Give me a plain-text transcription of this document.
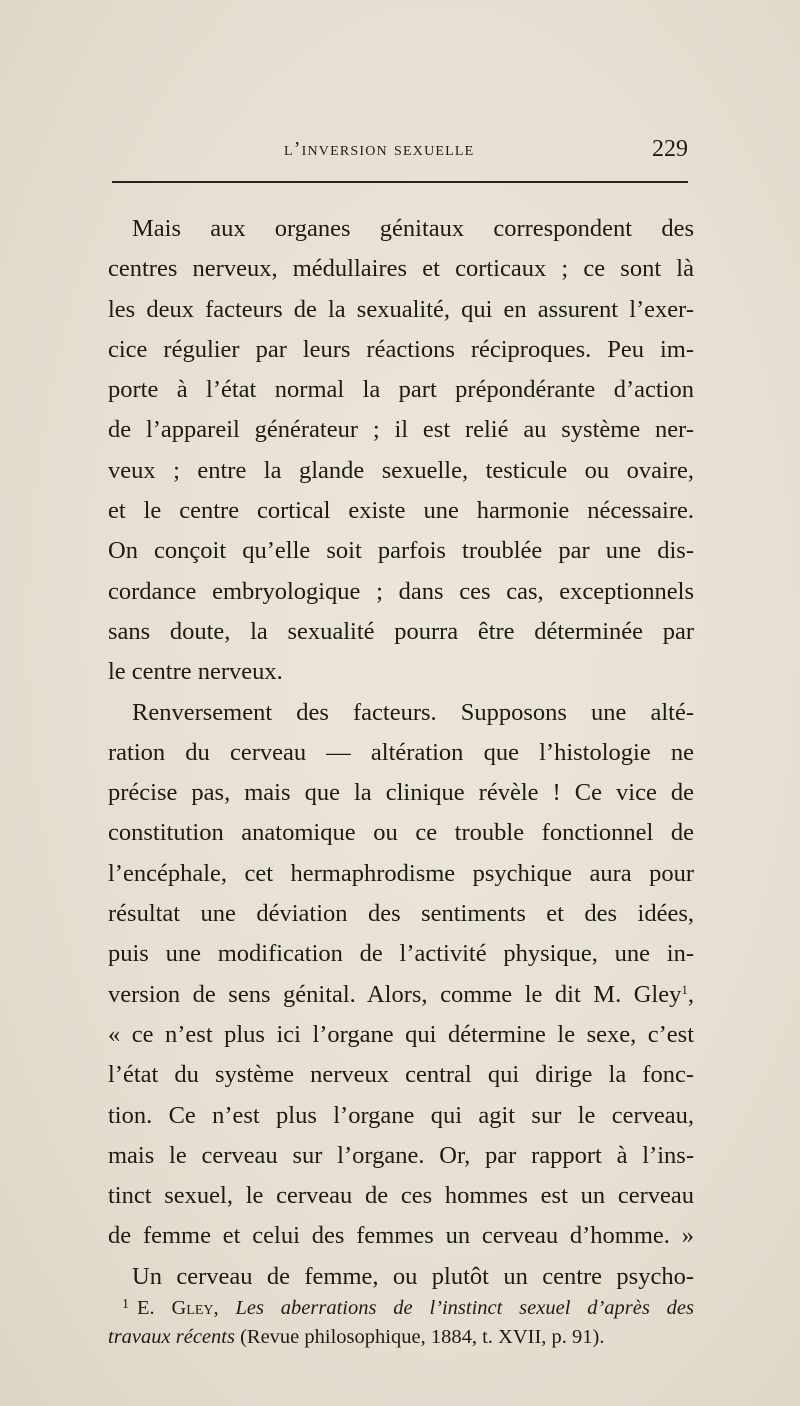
l’inversion sexuelle	229
Mais aux organes génitaux correspondent des
centres nerveux, médullaires et corticaux ; ce sont là
les deux facteurs de la sexualité, qui en assurent l’exer-
cice régulier par leurs réactions réciproques. Peu im-
porte à l’état normal la part prépondérante d’action
de l’appareil générateur ; il est relié au système ner-
veux ; entre la glande sexuelle, testicule ou ovaire,
et le centre cortical existe une harmonie nécessaire.
On conçoit qu’elle soit parfois troublée par une dis-
cordance embryologique ; dans ces cas, exceptionnels
sans doute, la sexualité pourra être déterminée par
le centre nerveux.
Renversement des facteurs. Supposons une alté-
ration du cerveau — altération que l’histologie ne
précise pas, mais que la clinique révèle ! Ce vice de
constitution anatomique ou ce trouble fonctionnel de
l’encéphale, cet hermaphrodisme psychique aura pour
résultat une déviation des sentiments et des idées,
puis une modification de l’activité physique, une in-
version de sens génital. Alors, comme le dit M. Gley$^1$,
« ce n’est plus ici l’organe qui détermine le sexe, c’est
l’état du système nerveux central qui dirige la fonc-
tion. Ce n’est plus l’organe qui agit sur le cerveau,
mais le cerveau sur l’organe. Or, par rapport à l’ins-
tinct sexuel, le cerveau de ces hommes est un cerveau
de femme et celui des femmes un cerveau d’homme. »
Un cerveau de femme, ou plutôt un centre psycho-
$^1$ E. Gley, Les aberrations de l’instinct sexuel d’après des
travaux récents (Revue philosophique, 1884, t. XVII, p. 91).
